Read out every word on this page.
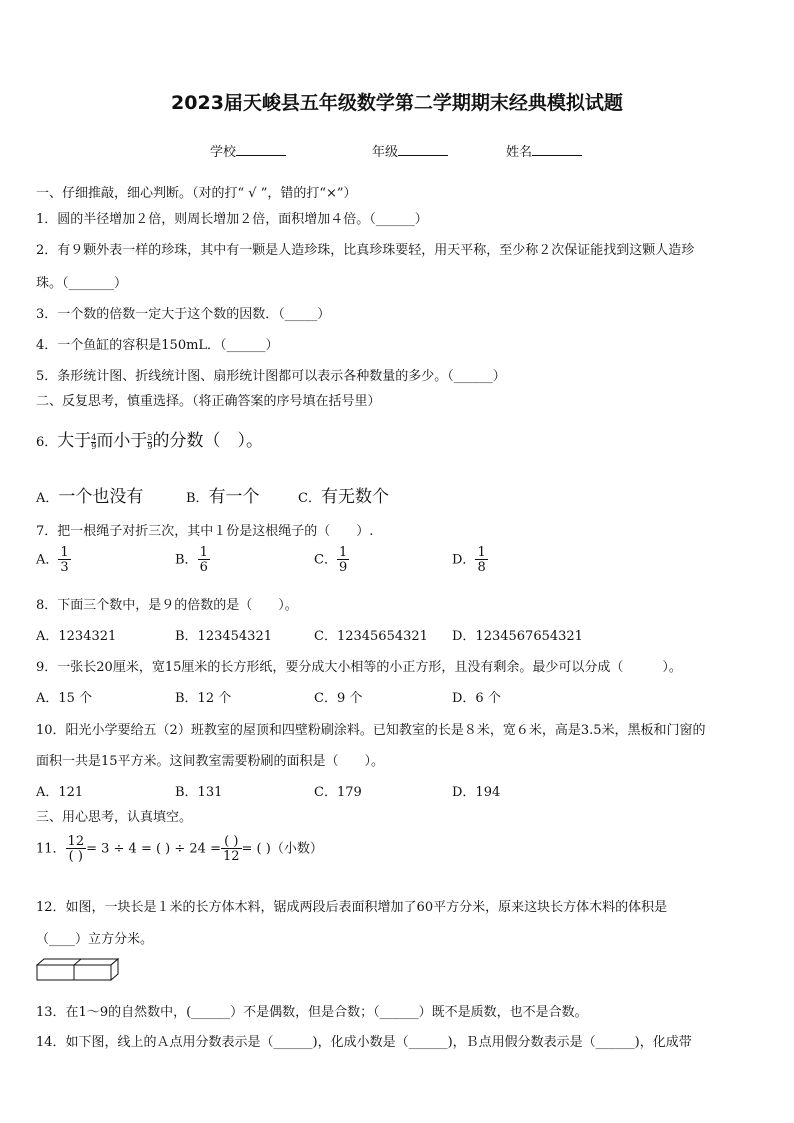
2023届天峻县五年级数学第二学期期末经典模拟试题
学校	年级	姓名
一、仔细推敲，细心判断。（对的打“ √ ”，错的打“×”）
1．圆的半径增加２倍，则周长增加２倍，面积增加４倍。（______）
2．有９颗外表一样的珍珠，其中有一颗是人造珍珠，比真珍珠要轻，用天平称，至少称２次保证能找到这颗人造珍
珠。（_______）
3．一个数的倍数一定大于这个数的因数．（_____）
4．一个鱼缸的容积是150mL．（______）
5．条形统计图、折线统计图、扇形统计图都可以表示各种数量的多少。（______）
二、反复思考，慎重选择。（将正确答案的序号填在括号里）
6．大于$\frac{4}{9}$ 而小于$\frac{5}{9}$ 的分数（　）。
A．一个也没有	B．有一个	C．有无数个
7．把一根绳子对折三次，其中１份是这根绳子的（　　）.
A． $\frac{1}{3}$	B． $\frac{1}{6}$	C． $\frac{1}{9}$	D． $\frac{1}{8}$
8．下面三个数中，是９的倍数的是（　　）。
A．1234321	B．123454321	C．12345654321 D．1234567654321
9．一张长20厘米，宽15厘米的长方形纸，要分成大小相等的小正方形，且没有剩余。最少可以分成（　　　）。
A．15 个	B．12 个	C．9 个	D．6 个
10．阳光小学要给五（2）班教室的屋顶和四壁粉刷涂料。已知教室的长是８米，宽６米，高是3.5米，黑板和门窗的
面积一共是15平方米。这间教室需要粉刷的面积是（　　）。
A．121	B．131	C．179	D．194
三、用心思考，认真填空。
11． $\frac{12}{( )} = 3 \div 4$ = ( ) ÷ $24 = \frac{( )}{12}$ = ( )（小数）
12．如图，一块长是１米的长方体木料，锯成两段后表面积增加了60平方分米，原来这块长方体木料的体积是
（____）立方分米。
13．在1～9的自然数中，(______）不是偶数，但是合数；（______）既不是质数，也不是合数。
14．如下图，线上的Ａ点用分数表示是（______)，化成小数是（______)，Ｂ点用假分数表示是（______)，化成带
